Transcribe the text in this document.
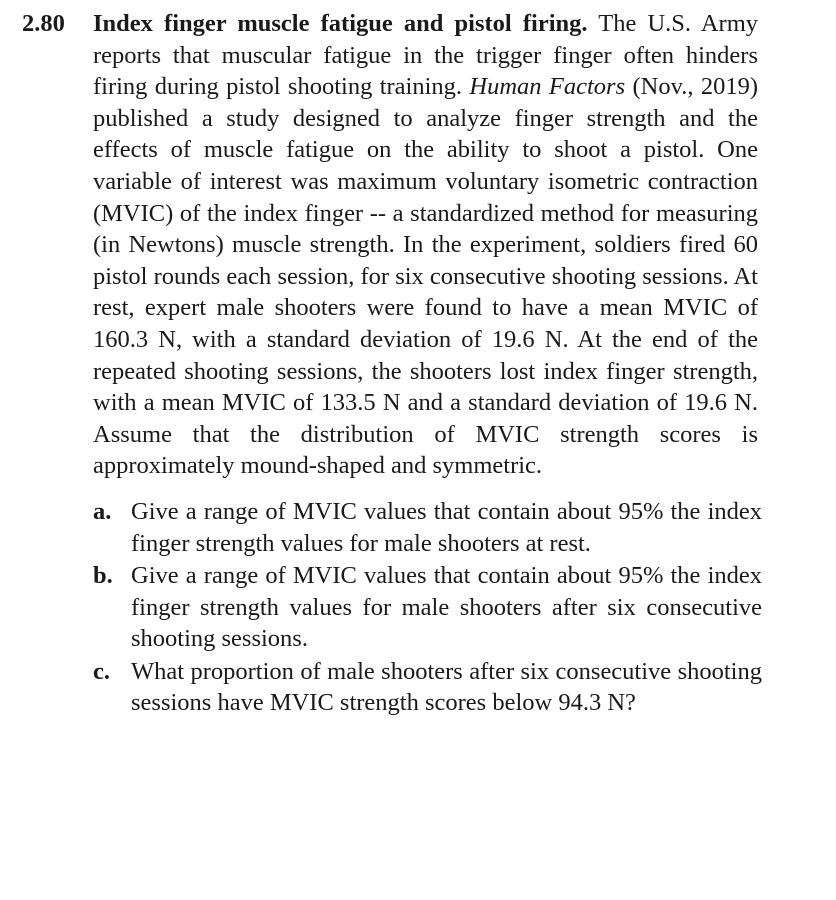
2.80 Index finger muscle fatigue and pistol firing. The U.S. Army reports that muscular fatigue in the trigger finger often hinders firing during pistol shooting training. Human Factors (Nov., 2019) published a study designed to analyze finger strength and the effects of muscle fatigue on the ability to shoot a pistol. One variable of interest was maximum voluntary isometric contraction (MVIC) of the index finger -- a standardized method for measuring (in Newtons) muscle strength. In the experiment, soldiers fired 60 pistol rounds each session, for six consecutive shooting sessions. At rest, expert male shooters were found to have a mean MVIC of 160.3 N, with a standard deviation of 19.6 N. At the end of the repeated shooting sessions, the shooters lost index finger strength, with a mean MVIC of 133.5 N and a standard deviation of 19.6 N. Assume that the distribution of MVIC strength scores is approximately mound-shaped and symmetric.
a. Give a range of MVIC values that contain about 95% the index finger strength values for male shooters at rest.
b. Give a range of MVIC values that contain about 95% the index finger strength values for male shooters after six consecutive shooting sessions.
c. What proportion of male shooters after six consecutive shooting sessions have MVIC strength scores below 94.3 N?
